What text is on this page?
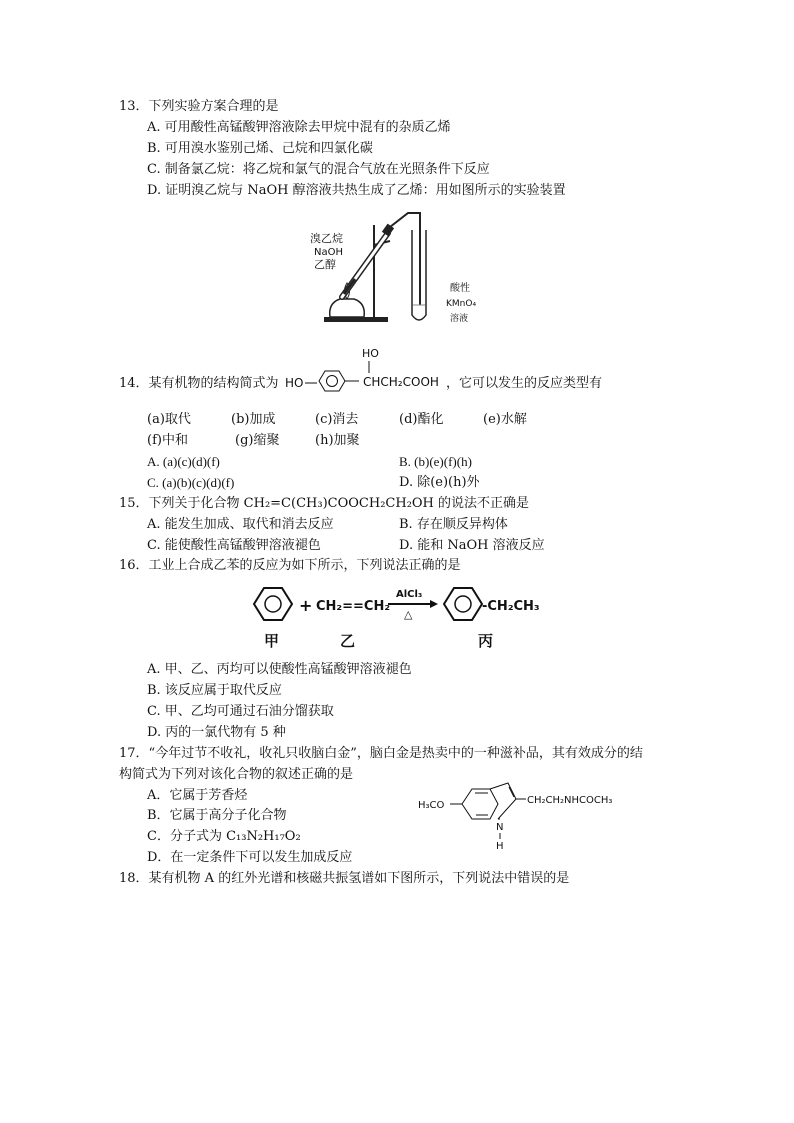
13．下列实验方案合理的是
A. 可用酸性高锰酸钾溶液除去甲烷中混有的杂质乙烯
B. 可用溴水鉴别己烯、己烷和四氯化碳
C. 制备氯乙烷：将乙烷和氯气的混合气放在光照条件下反应
D. 证明溴乙烷与 NaOH 醇溶液共热生成了乙烯：用如图所示的实验装置
溴乙烷
NaOH
乙醇
酸性
KMnO₄
溶液
14．某有机物的结构简式为 HO
HO
CHCH₂COOH ，它可以发生的反应类型有
(a)取代	(b)加成	(c)消去	(d)酯化	(e)水解
(f)中和	(g)缩聚	(h)加聚
A. (a)(c)(d)(f)	B. (b)(e)(f)(h)
C. (a)(b)(c)(d)(f)	D. 除(e)(h)外
15．下列关于化合物 CH₂=C(CH₃)COOCH₂CH₂OH 的说法不正确是
A. 能发生加成、取代和消去反应	B. 存在顺反异构体
C. 能使酸性高锰酸钾溶液褪色	D. 能和 NaOH 溶液反应
16．工业上合成乙苯的反应为如下所示，下列说法正确的是
+ CH₂==CH₂
AlCl₃
△
-CH₂CH₃
甲	乙	丙
A. 甲、乙、丙均可以使酸性高锰酸钾溶液褪色
B. 该反应属于取代反应
C. 甲、乙均可通过石油分馏获取
D. 丙的一氯代物有 5 种
17．“今年过节不收礼，收礼只收脑白金”，脑白金是热卖中的一种滋补品，其有效成分的结
构简式为下列对该化合物的叙述正确的是
A．它属于芳香烃
B．它属于高分子化合物
C．分子式为 C₁₃N₂H₁₇O₂
D．在一定条件下可以发生加成反应
H₃CO	CH₂CH₂NHCOCH₃
N
H
18．某有机物 A 的红外光谱和核磁共振氢谱如下图所示，下列说法中错误的是
